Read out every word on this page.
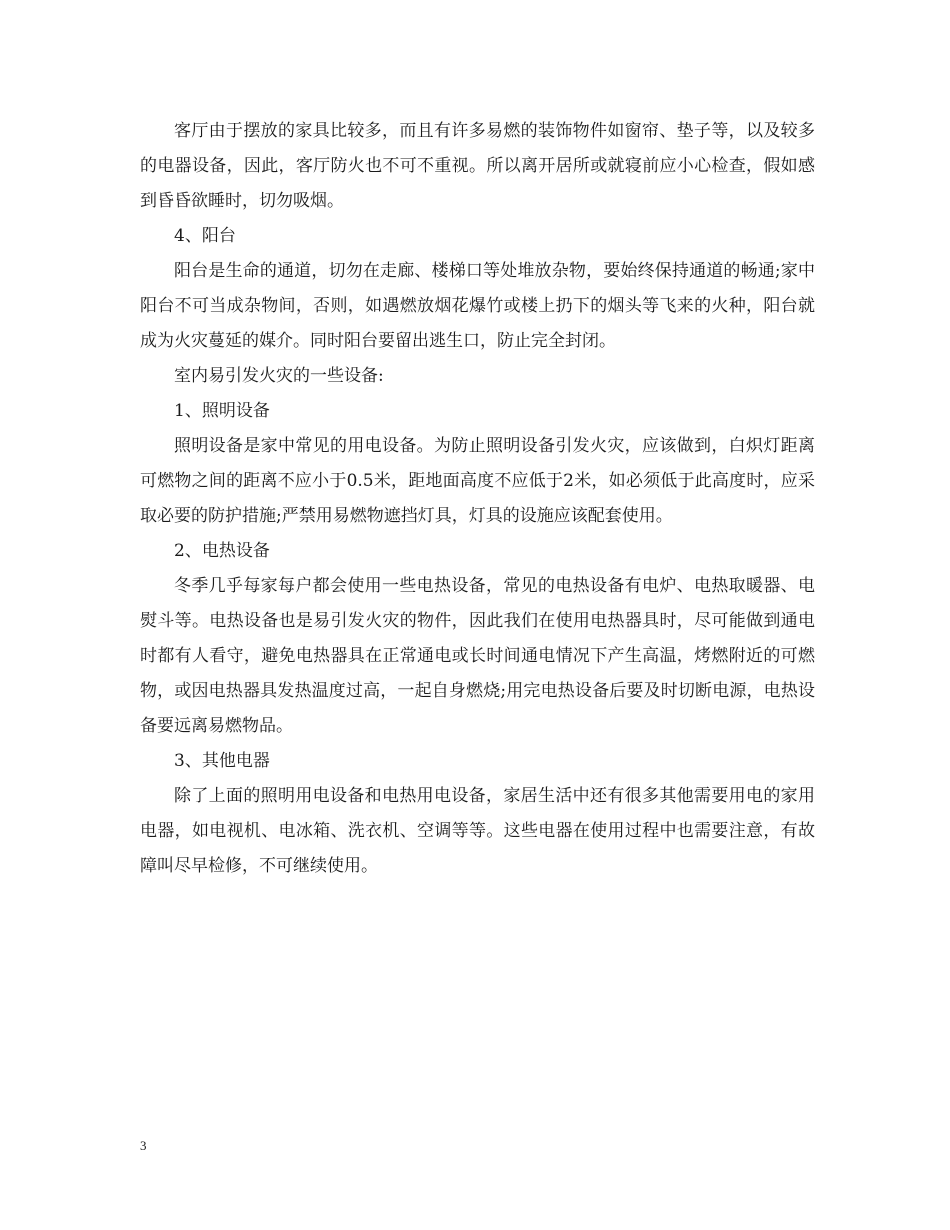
客厅由于摆放的家具比较多，而且有许多易燃的装饰物件如窗帘、垫子等，以及较多的电器设备，因此，客厅防火也不可不重视。所以离开居所或就寝前应小心检查，假如感到昏昏欲睡时，切勿吸烟。

4、阳台

阳台是生命的通道，切勿在走廊、楼梯口等处堆放杂物，要始终保持通道的畅通;家中阳台不可当成杂物间，否则，如遇燃放烟花爆竹或楼上扔下的烟头等飞来的火种，阳台就成为火灾蔓延的媒介。同时阳台要留出逃生口，防止完全封闭。

室内易引发火灾的一些设备:

1、照明设备

照明设备是家中常见的用电设备。为防止照明设备引发火灾，应该做到，白炽灯距离可燃物之间的距离不应小于0.5米，距地面高度不应低于2米，如必须低于此高度时，应采取必要的防护措施;严禁用易燃物遮挡灯具，灯具的设施应该配套使用。

2、电热设备

冬季几乎每家每户都会使用一些电热设备，常见的电热设备有电炉、电热取暖器、电熨斗等。电热设备也是易引发火灾的物件，因此我们在使用电热器具时，尽可能做到通电时都有人看守，避免电热器具在正常通电或长时间通电情况下产生高温，烤燃附近的可燃物，或因电热器具发热温度过高，一起自身燃烧;用完电热设备后要及时切断电源，电热设备要远离易燃物品。

3、其他电器

除了上面的照明用电设备和电热用电设备，家居生活中还有很多其他需要用电的家用电器，如电视机、电冰箱、洗衣机、空调等等。这些电器在使用过程中也需要注意，有故障叫尽早检修，不可继续使用。

3
